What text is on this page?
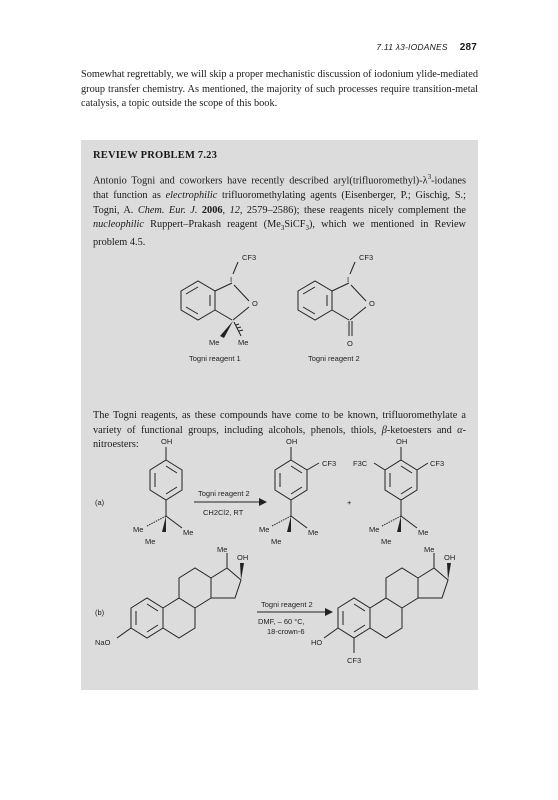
7.11 λ3-IODANES 287
Somewhat regrettably, we will skip a proper mechanistic discussion of iodonium ylide-mediated group transfer chemistry. As mentioned, the majority of such processes require transition-metal catalysis, a topic outside the scope of this book.
REVIEW PROBLEM 7.23
Antonio Togni and coworkers have recently described $aryl(trifluoromethyl)-\lambda^3$-iodanes that function as electrophilic trifluoromethylating agents (Eisenberger, P.; Gischig, S.; Togni, A. Chem. Eur. J. 2006, 12, 2579–2586); these reagents nicely complement the nucleophilic Ruppert–Prakash reagent $(Me_3SiCF_3)$, which we mentioned in Review problem 4.5.
The Togni reagents, as these compounds have come to be known, trifluoromethylate a variety of functional groups, including alcohols, phenols, thiols, β-ketoesters and α-nitroesters:
CF3
I
O
Me Me
Togni reagent 1
CF3
I
O
O
Togni reagent 2
OH
Me	Me
Me
(a)
Togni reagent 2
CH2Cl2, RT
OH
CF3
Me	Me
Me
+
OH
F3C	CF3
Me	Me
Me
(b)
NaO
Me
OH
Togni reagent 2
DMF, – 60 °C,
18-crown-6
HO
CF3
Me
OH
